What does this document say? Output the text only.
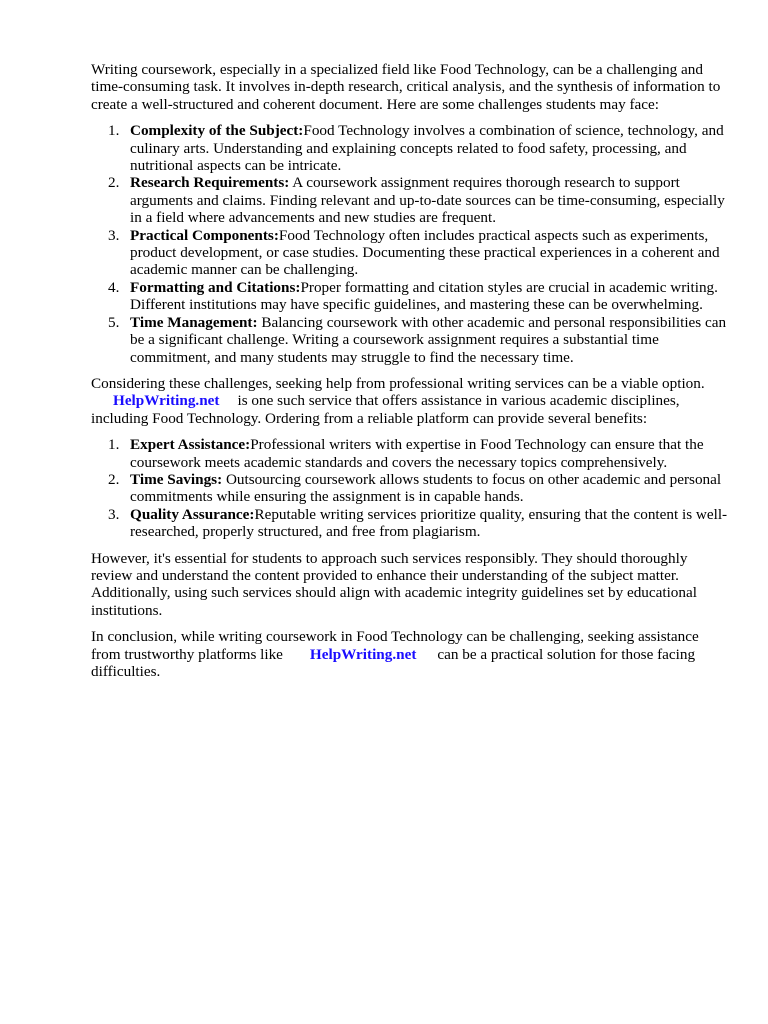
Writing coursework, especially in a specialized field like Food Technology, can be a challenging and time-consuming task. It involves in-depth research, critical analysis, and the synthesis of information to create a well-structured and coherent document. Here are some challenges students may face:

1. Complexity of the Subject:Food Technology involves a combination of science, technology, and culinary arts. Understanding and explaining concepts related to food safety, processing, and nutritional aspects can be intricate.
2. Research Requirements: A coursework assignment requires thorough research to support arguments and claims. Finding relevant and up-to-date sources can be time-consuming, especially in a field where advancements and new studies are frequent.
3. Practical Components:Food Technology often includes practical aspects such as experiments, product development, or case studies. Documenting these practical experiences in a coherent and academic manner can be challenging.
4. Formatting and Citations:Proper formatting and citation styles are crucial in academic writing. Different institutions may have specific guidelines, and mastering these can be overwhelming.
5. Time Management: Balancing coursework with other academic and personal responsibilities can be a significant challenge. Writing a coursework assignment requires a substantial time commitment, and many students may struggle to find the necessary time.

Considering these challenges, seeking help from professional writing services can be a viable option.
HelpWriting.net is one such service that offers assistance in various academic disciplines, including Food Technology. Ordering from a reliable platform can provide several benefits:

1. Expert Assistance:Professional writers with expertise in Food Technology can ensure that the coursework meets academic standards and covers the necessary topics comprehensively.
2. Time Savings: Outsourcing coursework allows students to focus on other academic and personal commitments while ensuring the assignment is in capable hands.
3. Quality Assurance:Reputable writing services prioritize quality, ensuring that the content is well-researched, properly structured, and free from plagiarism.

However, it's essential for students to approach such services responsibly. They should thoroughly review and understand the content provided to enhance their understanding of the subject matter. Additionally, using such services should align with academic integrity guidelines set by educational institutions.

In conclusion, while writing coursework in Food Technology can be challenging, seeking assistance from trustworthy platforms like HelpWriting.net can be a practical solution for those facing difficulties.
